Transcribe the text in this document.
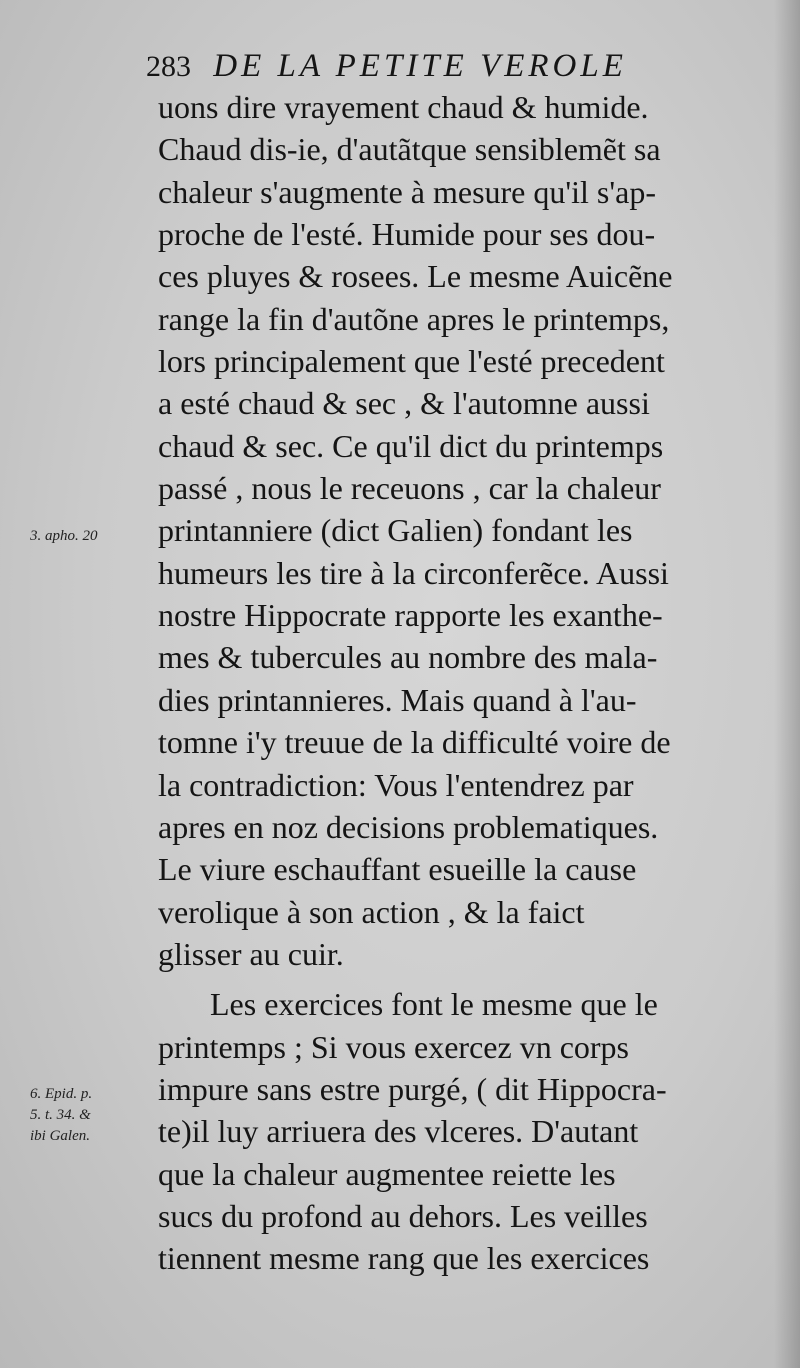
283 DE LA PETITE VEROLE
uons dire vrayement chaud & humide.
Chaud dis-ie, d'autãtque sensiblemẽt sa
chaleur s'augmente à mesure qu'il s'ap-
proche de l'esté. Humide pour ses dou-
ces pluyes & rosees. Le mesme Auicẽne
range la fin d'autõne apres le printemps,
lors principalement que l'esté precedent
a esté chaud & sec , & l'automne aussi
chaud & sec. Ce qu'il dict du printemps
passé , nous le receuons , car la chaleur
printanniere (dict Galien) fondant les
humeurs les tire à la circonferẽce. Aussi
nostre Hippocrate rapporte les exanthe-
mes & tubercules au nombre des mala-
dies printannieres. Mais quand à l'au-
tomne i'y treuue de la difficulté voire de
la contradiction: Vous l'entendrez par
apres en noz decisions problematiques.
Le viure eschauffant esueille la cause
verolique à son action , & la faict
glisser au cuir.
Les exercices font le mesme que le
printemps ; Si vous exercez vn corps
impure sans estre purgé, ( dit Hippocra-
te)il luy arriuera des vlceres. D'autant
que la chaleur augmentee reiette les
sucs du profond au dehors. Les veilles
tiennent mesme rang que les exercices
3. apho. 20
6. Epid. p.
5. t. 34. &
ibi Galen.
